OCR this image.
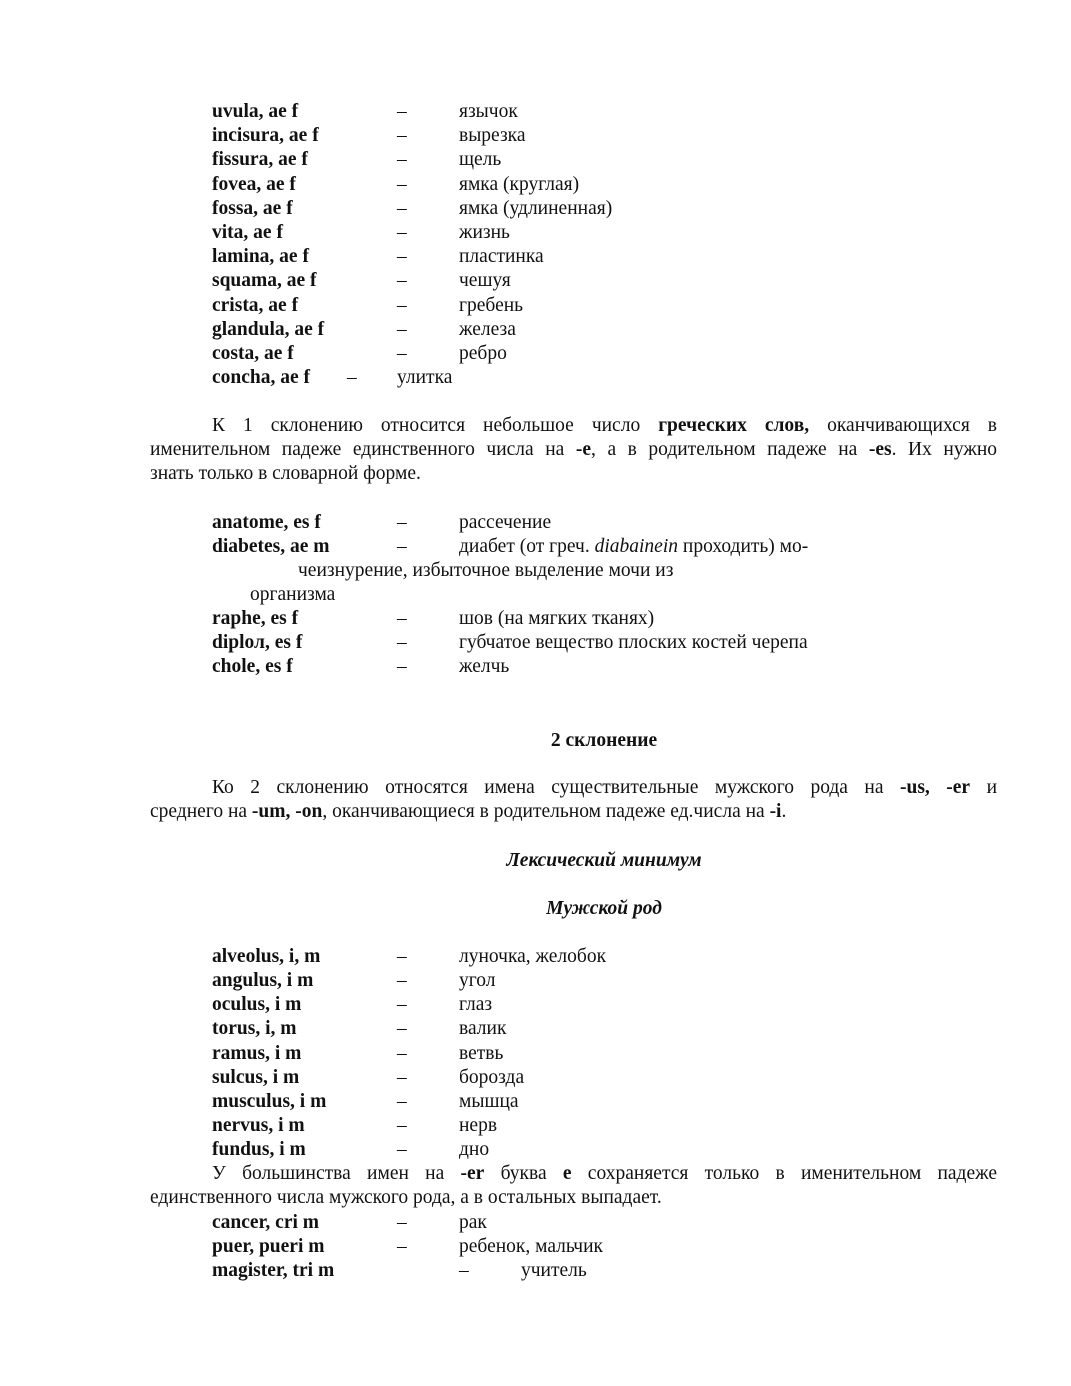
uvula, ae f	–	язычок
incisura, ae f	–	вырезка
fissura, ae f	–	щель
fovea, ae f	–	ямка (круглая)
fossa, ae f	–	ямка (удлиненная)
vita, ae f	–	жизнь
lamina, ae f	–	пластинка
squama, ae f	–	чешуя
crista, ae f	–	гребень
glandula, ae f	–	железа
costa, ae f	–	ребро
concha, ae f – улитка

К 1 склонению относится небольшое число греческих слов, оканчивающихся в

именительном падеже единственного числа на -е, а в родительном падеже на -es. Их нужно

знать только в словарной форме.

anatome, es f	–	рассечение
diabetes, ae m	–	диабет (от греч. diabainein проходить) мо-
чеизнурение, избыточное выделение мочи из
организма
raphe, es f	–	шов (на мягких тканях)
diplол, es f	–	губчатое вещество плоских костей черепа
chole, es f	–	желчь
2 склонение

Ко 2 склонению относятся имена существительные мужского рода на -us, -er и

среднего на -um, -on, оканчивающиеся в родительном падеже ед.числа на -i.

Лексический минимум
Мужской род
alveolus, i, m	–	луночка, желобок
angulus, i m	–	угол
oculus, i m	–	глаз
torus, i, m	–	валик
ramus, i m	–	ветвь
sulcus, i m	–	борозда
musculus, i m	–	мышца
nervus, i m	–	нерв
fundus, i m	–	дно

У большинства имен на -er буква е сохраняется только в именительном падеже

единственного числа мужского рода, а в остальных выпадает.

cancer, cri m	–	рак
puer, pueri m	–	ребенок, мальчик
magister, tri m	–	учитель
